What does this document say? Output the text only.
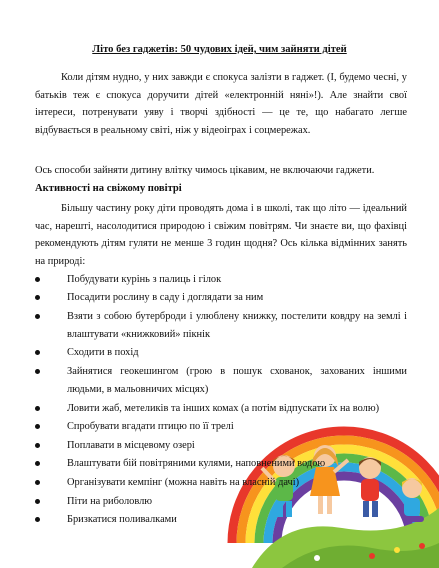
Літо без гаджетів: 50 чудових ідей, чим зайняти дітей
Коли дітям нудно, у них завжди є спокуса залізти в гаджет. (І, будемо чесні, у батьків теж є спокуса доручити дітей «електронній няні»!). Але знайти свої інтереси, потренувати уяву і творчі здібності — це те, що набагато легше відбувається в реальному світі, ніж у відеоіграх і соцмережах.
Ось способи зайняти дитину влітку чимось цікавим, не включаючи гаджети.
Активності на свіжому повітрі
Більшу частину року діти проводять дома і в школі, так що літо — ідеальний час, нарешті, насолодитися природою і свіжим повітрям. Чи знаєте ви, що фахівці рекомендують дітям гуляти не менше 3 годин щодня? Ось кілька відмінних занять на природі:
Побудувати курінь з палиць і гілок
Посадити рослину в саду і доглядати за ним
Взяти з собою бутерброди і улюблену книжку, постелити ковдру на землі і влаштувати «книжковий» пікнік
Сходити в похід
Зайнятися геокешингом (грою в пошук схованок, захованих іншими людьми, в мальовничих місцях)
Ловити жаб, метеликів та інших комах (а потім відпускати їх на волю)
Спробувати вгадати птицю по її трелі
Поплавати в місцевому озері
Влаштувати бій повітряними кулями, наповненими водою
Організувати кемпінг (можна навіть на власній дачі)
Піти на риболовлю
Бризкатися поливалками
